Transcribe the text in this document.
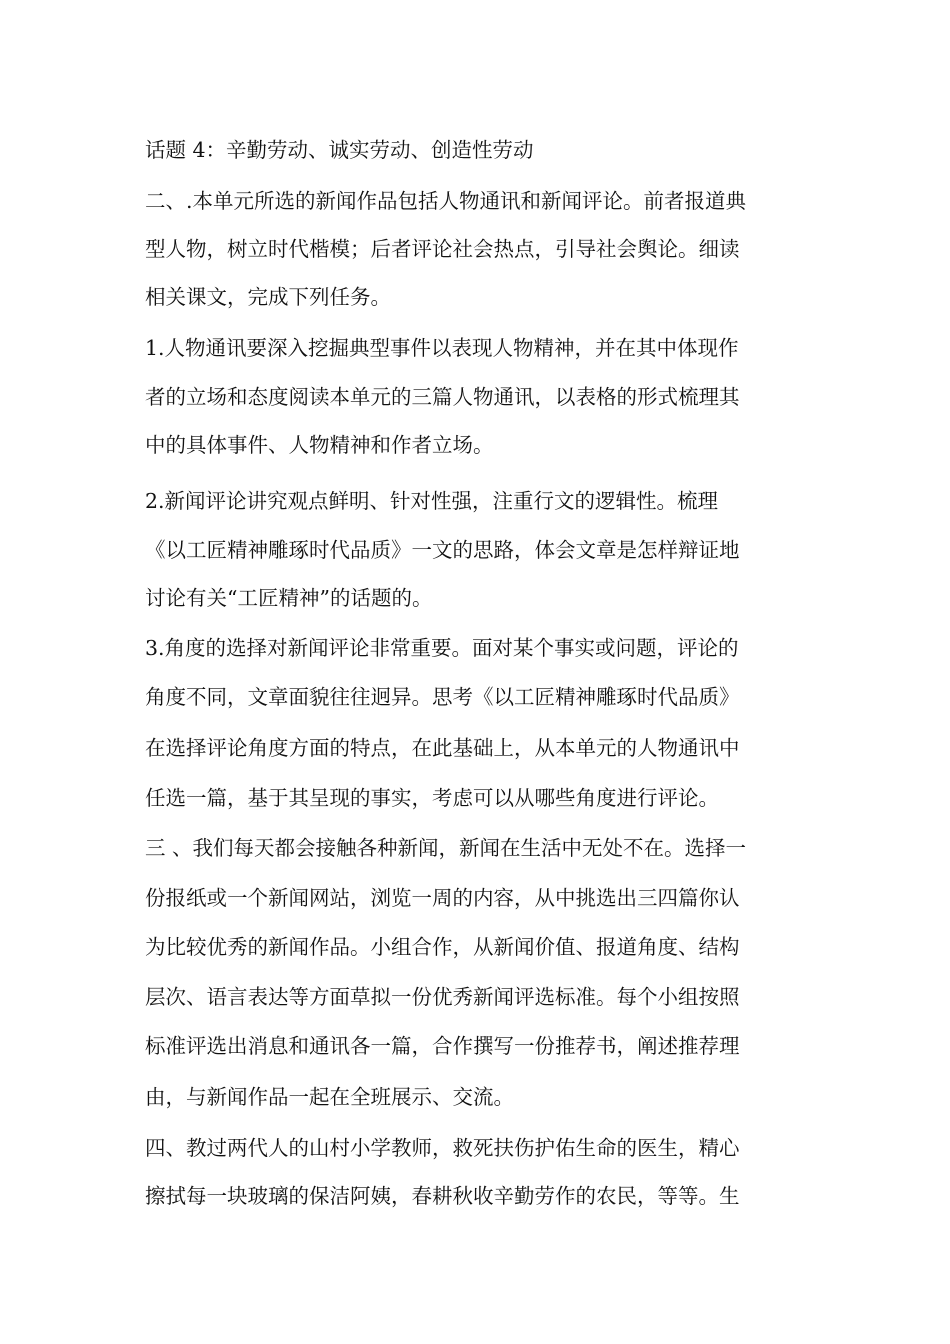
话题 4：辛勤劳动、诚实劳动、创造性劳动
二、.本单元所选的新闻作品包括人物通讯和新闻评论。前者报道典
型人物，树立时代楷模；后者评论社会热点，引导社会舆论。细读
相关课文，完成下列任务。
1.人物通讯要深入挖掘典型事件以表现人物精神，并在其中体现作
者的立场和态度阅读本单元的三篇人物通讯，以表格的形式梳理其
中的具体事件、人物精神和作者立场。
2.新闻评论讲究观点鲜明、针对性强，注重行文的逻辑性。梳理
《以工匠精神雕琢时代品质》一文的思路，体会文章是怎样辩证地
讨论有关“工匠精神”的话题的。
3.角度的选择对新闻评论非常重要。面对某个事实或问题，评论的
角度不同，文章面貌往往迥异。思考《以工匠精神雕琢时代品质》
在选择评论角度方面的特点，在此基础上，从本单元的人物通讯中
任选一篇，基于其呈现的事实，考虑可以从哪些角度进行评论。
三 、我们每天都会接触各种新闻，新闻在生活中无处不在。选择一
份报纸或一个新闻网站，浏览一周的内容，从中挑选出三四篇你认
为比较优秀的新闻作品。小组合作，从新闻价值、报道角度、结构
层次、语言表达等方面草拟一份优秀新闻评选标准。每个小组按照
标准评选出消息和通讯各一篇，合作撰写一份推荐书，阐述推荐理
由，与新闻作品一起在全班展示、交流。
四、教过两代人的山村小学教师，救死扶伤护佑生命的医生，精心
擦拭每一块玻璃的保洁阿姨，春耕秋收辛勤劳作的农民，等等。生
